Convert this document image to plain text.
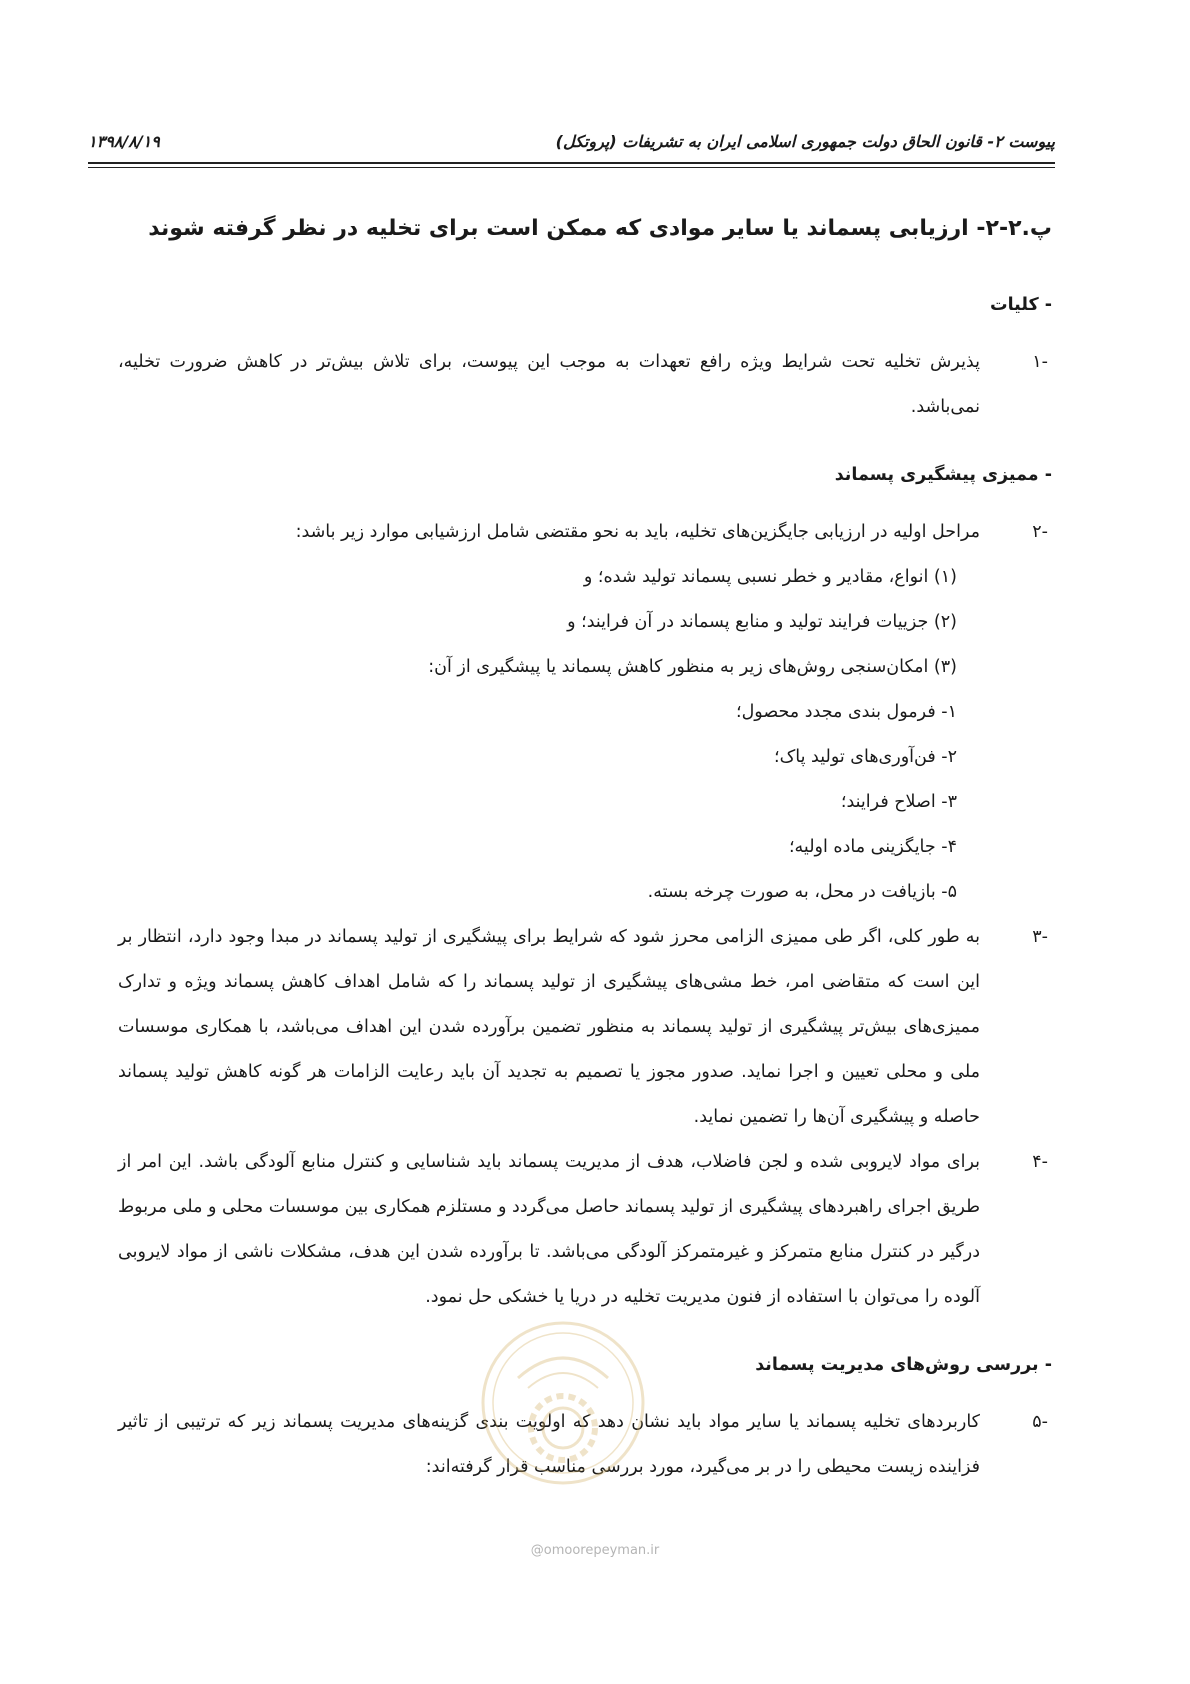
پیوست ۲- قانون الحاق دولت جمهوری اسلامی ایران به تشریفات (پروتکل)
۱۳۹۸/۸/۱۹
پ.۲-۲- ارزیابی پسماند یا سایر موادی که ممکن است برای تخلیه در نظر گرفته شوند
- کلیات

-۱
پذیرش تخلیه تحت شرایط ویژه رافع تعهدات به موجب این پیوست، برای تلاش بیش‌تر در کاهش ضرورت تخلیه، نمی‌باشد.

- ممیزی پیشگیری پسماند

-۲
مراحل اولیه در ارزیابی جایگزین‌های تخلیه، باید به نحو مقتضی شامل ارزشیابی موارد زیر باشد:

(۱) انواع، مقادیر و خطر نسبی پسماند تولید شده؛ و

(۲) جزییات فرایند تولید و منابع پسماند در آن فرایند؛ و

(۳) امکان‌سنجی روش‌های زیر به منظور کاهش پسماند یا پیشگیری از آن:

۱- فرمول بندی مجدد محصول؛

۲- فن‌آوری‌های تولید پاک؛

۳- اصلاح فرایند؛

۴- جایگزینی ماده اولیه؛

۵- بازیافت در محل، به صورت چرخه بسته.

-۳
به طور کلی، اگر طی ممیزی الزامی محرز شود که شرایط برای پیشگیری از تولید پسماند در مبدا وجود دارد، انتظار بر این است که متقاضی امر، خط مشی‌های پیشگیری از تولید پسماند را که شامل اهداف کاهش پسماند ویژه و تدارک ممیزی‌های بیش‌تر پیشگیری از تولید پسماند به منظور تضمین برآورده شدن این اهداف می‌باشد، با همکاری موسسات ملی و محلی تعیین و اجرا نماید. صدور مجوز یا تصمیم به تجدید آن باید رعایت الزامات هر گونه کاهش تولید پسماند حاصله و پیشگیری آن‌ها را تضمین نماید.

-۴
برای مواد لایروبی شده و لجن فاضلاب، هدف از مدیریت پسماند باید شناسایی و کنترل منابع آلودگی باشد. این امر از طریق اجرای راهبردهای پیشگیری از تولید پسماند حاصل می‌گردد و مستلزم همکاری بین موسسات محلی و ملی مربوط درگیر در کنترل منابع متمرکز و غیرمتمرکز آلودگی می‌باشد. تا برآورده شدن این هدف، مشکلات ناشی از مواد لایروبی آلوده را می‌توان با استفاده از فنون مدیریت تخلیه در دریا یا خشکی حل نمود.

- بررسی روش‌های مدیریت پسماند

-۵
کاربردهای تخلیه پسماند یا سایر مواد باید نشان دهد که اولویت بندی گزینه‌های مدیریت پسماند زیر که ترتیبی از تاثیر فزاینده زیست محیطی را در بر می‌گیرد، مورد بررسی مناسب قرار گرفته‌اند:

@omoorepeyman.ir
